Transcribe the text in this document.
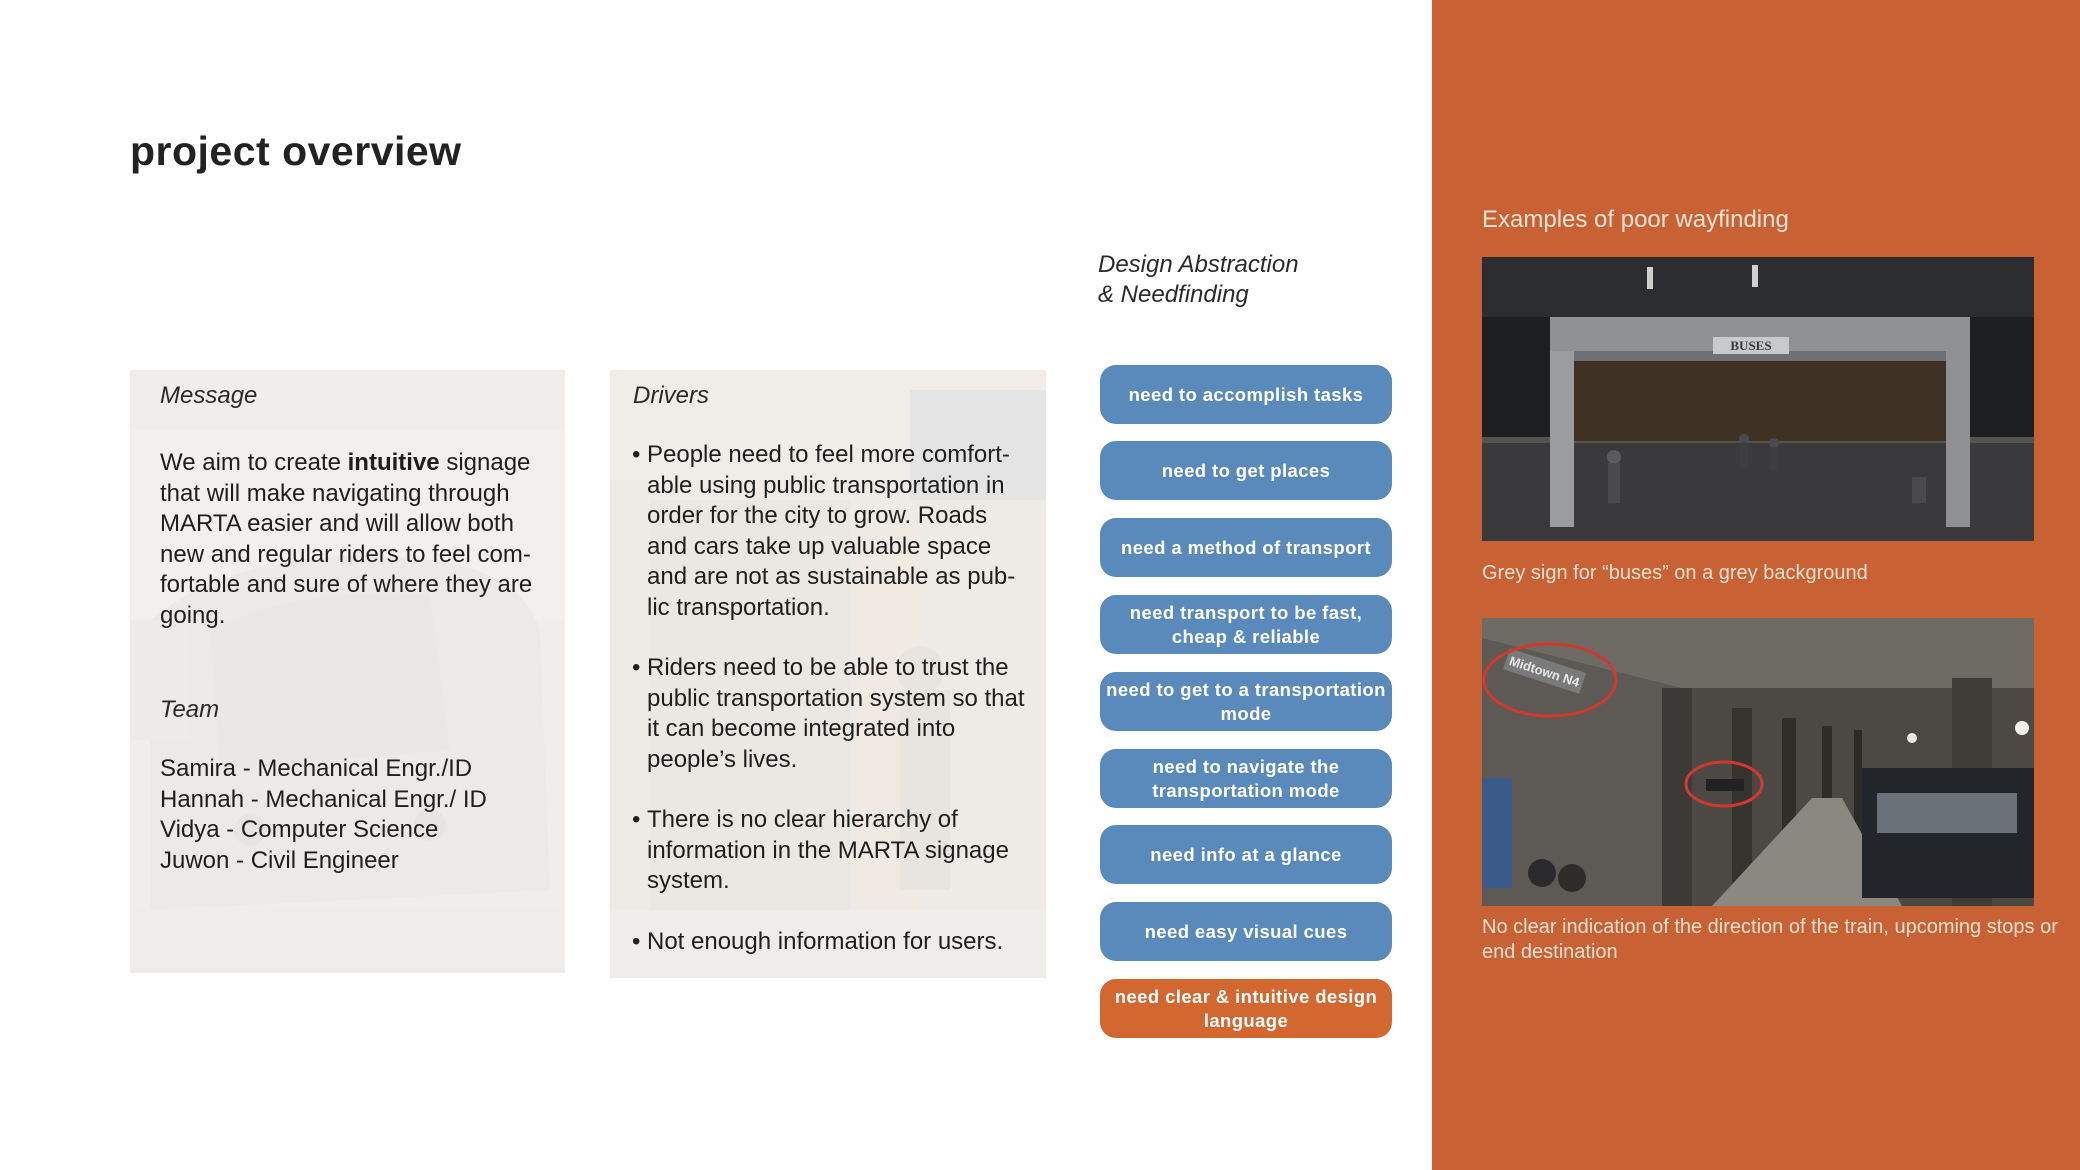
project overview
Message
We aim to create intuitive signage that will make navigating through MARTA easier and will allow both new and regular riders to feel com-fortable and sure of where they are going.
Team
Samira - Mechanical Engr./ID
Hannah - Mechanical Engr./ ID
Vidya - Computer Science
Juwon - Civil Engineer
Drivers
• People need to feel more comfort-able using public transportation in order for the city to grow. Roads and cars take up valuable space and are not as sustainable as pub-lic transportation.
• Riders need to be able to trust the public transportation system so that it can become integrated into people’s lives.
• There is no clear hierarchy of information in the MARTA signage system.
• Not enough information for users.
Design Abstraction
& Needfinding
need to accomplish tasks
need to get places
need a method of transport
need transport to be fast, cheap & reliable
need to get to a transportation mode
need to navigate the transportation mode
need info at a glance
need easy visual cues
need clear & intuitive design language
Examples of poor wayfinding
BUSES
Grey sign for “buses” on a grey background
Midtown N4
No clear indication of the direction of the train, upcoming stops or end destination
